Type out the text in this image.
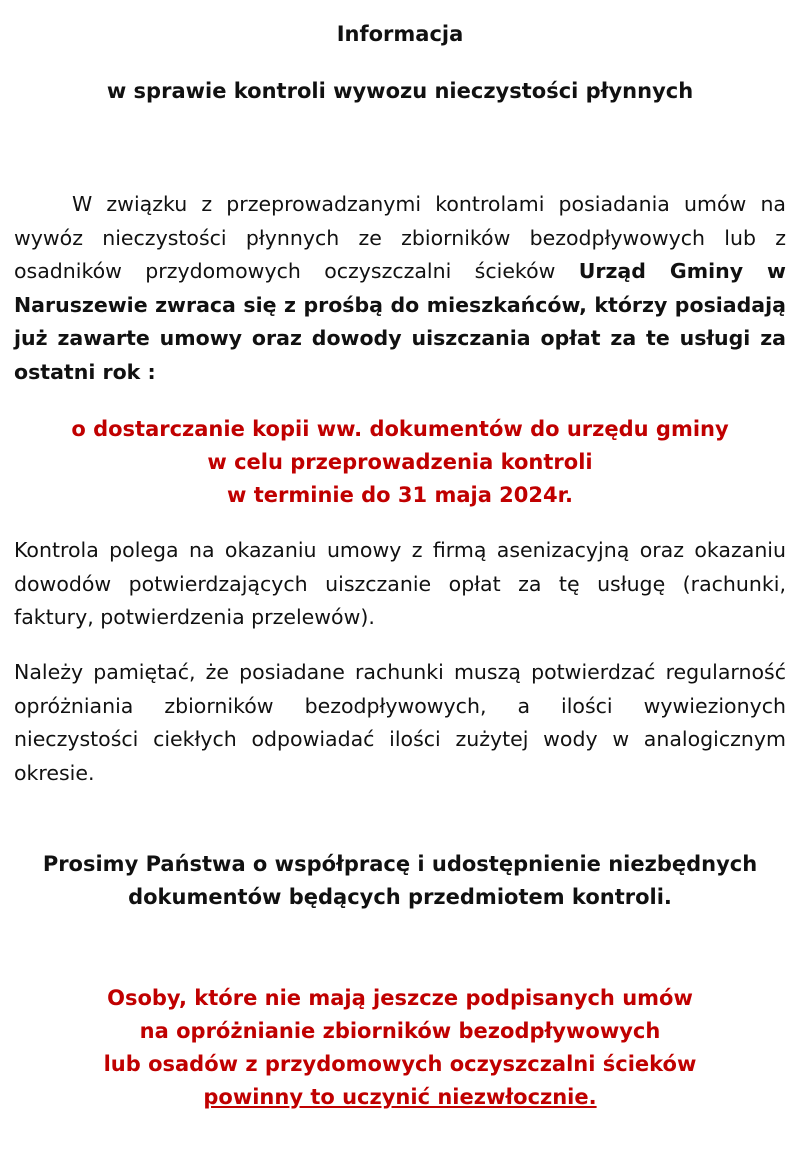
Informacja
w sprawie kontroli wywozu nieczystości płynnych
W związku z przeprowadzanymi kontrolami posiadania umów na wywóz nieczystości płynnych ze zbiorników bezodpływowych lub z osadników przydomowych oczyszczalni ścieków Urząd Gminy w Naruszewie zwraca się z prośbą do mieszkańców, którzy posiadają już zawarte umowy oraz dowody uiszczania opłat za te usługi za ostatni rok :
o dostarczanie kopii ww. dokumentów do urzędu gminy
w celu przeprowadzenia kontroli
w terminie do 31 maja 2024r.
Kontrola polega na okazaniu umowy z firmą asenizacyjną oraz okazaniu dowodów potwierdzających uiszczanie opłat za tę usługę (rachunki, faktury, potwierdzenia przelewów).
Należy pamiętać, że posiadane rachunki muszą potwierdzać regularność opróżniania zbiorników bezodpływowych, a ilości wywiezionych nieczystości ciekłych odpowiadać ilości zużytej wody w analogicznym okresie.
Prosimy Państwa o współpracę i udostępnienie niezbędnych
dokumentów będących przedmiotem kontroli.
Osoby, które nie mają jeszcze podpisanych umów
na opróżnianie zbiorników bezodpływowych
lub osadów z przydomowych oczyszczalni ścieków
powinny to uczynić niezwłocznie.
